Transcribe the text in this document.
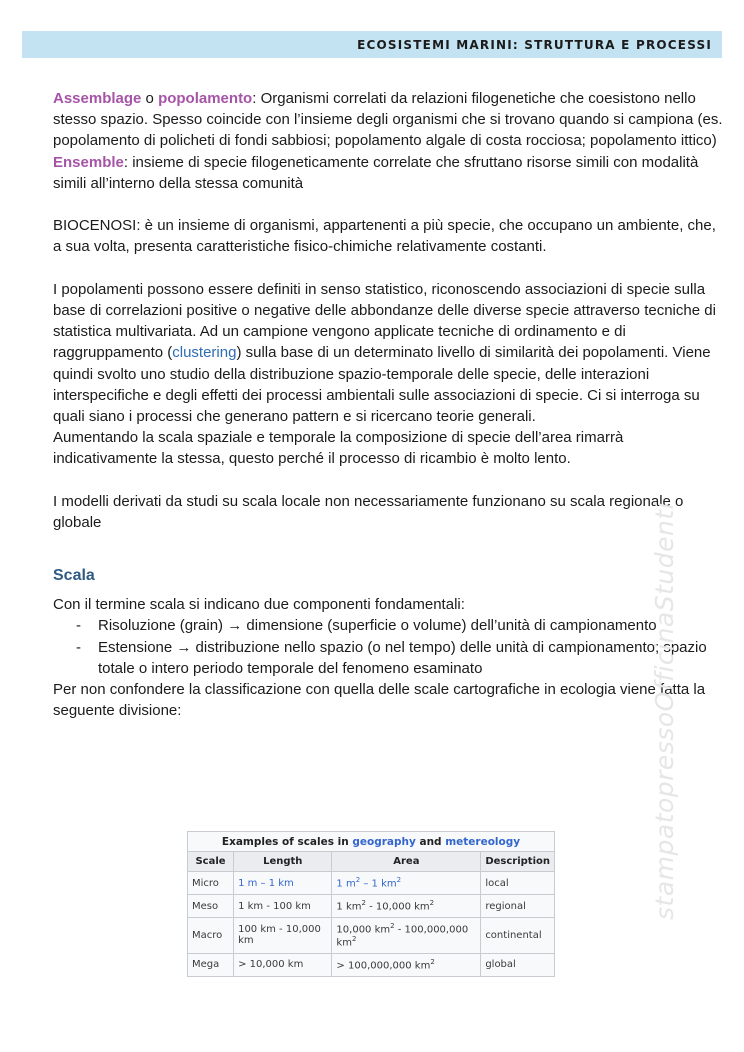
ECOSISTEMI MARINI: STRUTTURA E PROCESSI

Assemblage o popolamento: Organismi correlati da relazioni filogenetiche che coesistono nello stesso spazio. Spesso coincide con l’insieme degli organismi che si trovano quando si campiona (es. popolamento di policheti di fondi sabbiosi; popolamento algale di costa rocciosa; popolamento ittico)

Ensemble: insieme di specie filogeneticamente correlate che sfruttano risorse simili con modalità simili all’interno della stessa comunità

BIOCENOSI: è un insieme di organismi, appartenenti a più specie, che occupano un ambiente, che, a sua volta, presenta caratteristiche fisico-chimiche relativamente costanti.

I popolamenti possono essere definiti in senso statistico, riconoscendo associazioni di specie sulla base di correlazioni positive o negative delle abbondanze delle diverse specie attraverso tecniche di statistica multivariata. Ad un campione vengono applicate tecniche di ordinamento e di raggruppamento (clustering) sulla base di un determinato livello di similarità dei popolamenti. Viene quindi svolto uno studio della distribuzione spazio-temporale delle specie, delle interazioni interspecifiche e degli effetti dei processi ambientali sulle associazioni di specie. Ci si interroga su quali siano i processi che generano pattern e si ricercano teorie generali.

Aumentando la scala spaziale e temporale la composizione di specie dell’area rimarrà indicativamente la stessa, questo perché il processo di ricambio è molto lento.

I modelli derivati da studi su scala locale non necessariamente funzionano su scala regionale o globale

Scala

Con il termine scala si indicano due componenti fondamentali:

- Risoluzione (grain) → dimensione (superficie o volume) dell’unità di campionamento
- Estensione → distribuzione nello spazio (o nel tempo) delle unità di campionamento; spazio totale o intero periodo temporale del fenomeno esaminato

Per non confondere la classificazione con quella delle scale cartografiche in ecologia viene fatta la seguente divisione:

Examples of scales in geography and metereology
Scale	Length	Area	Description
Micro	1 m – 1 km	1 $m^2 - 1$ $km^2$	local
Meso	1 km - 100 km	1 $km^2 - 10,000$ $km^2$	regional
Macro	100 km - 10,000 km	10,000 $km^2 - 100,000,000$ $km^2$	continental
Mega	> 10,000 km	> 100,000,000 $km^2$	global
stampatopressoOfficinaStudenti
